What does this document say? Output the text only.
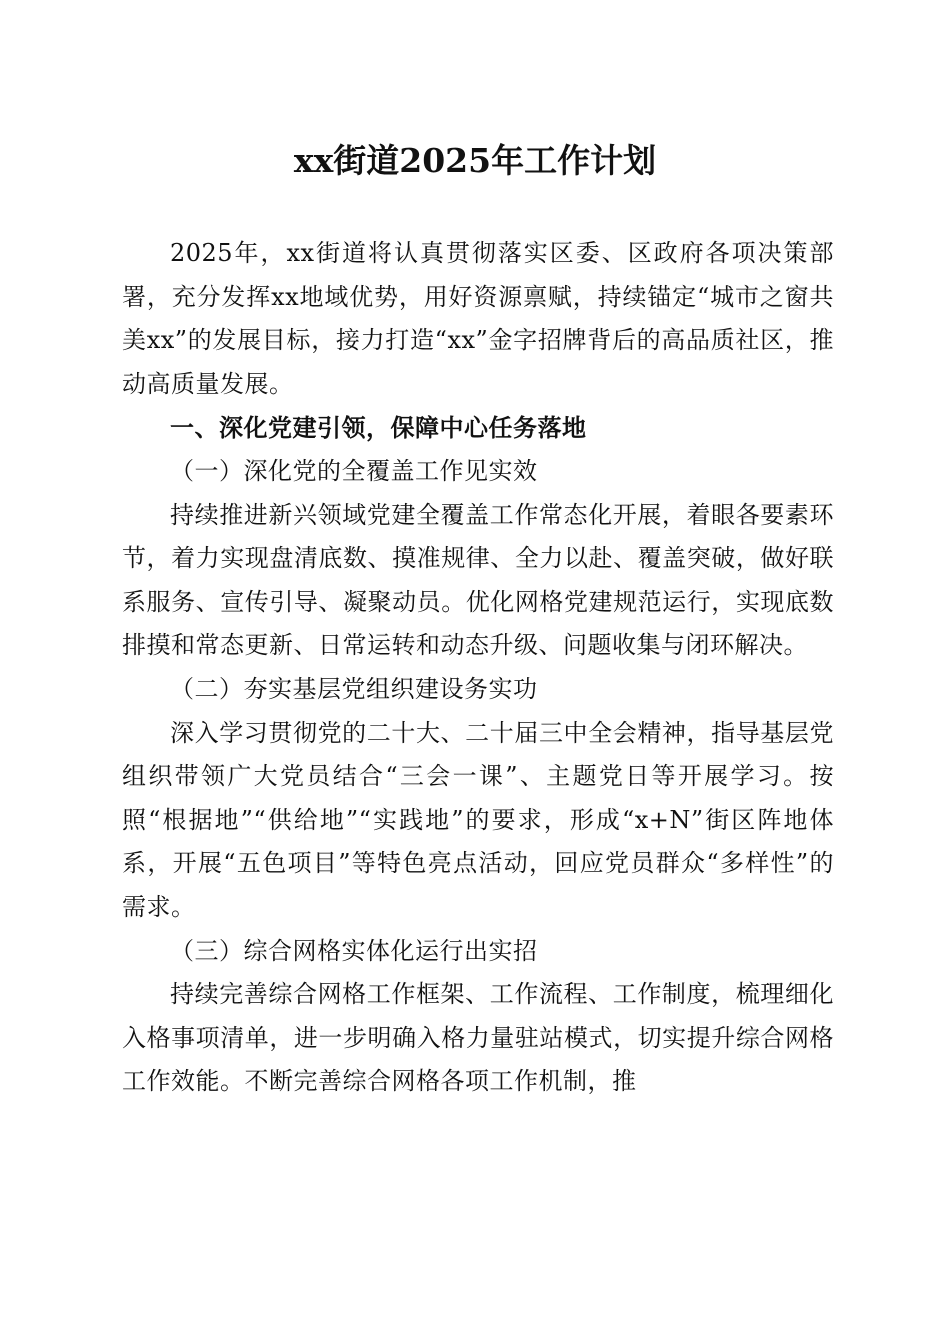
xx街道2025年工作计划

2025年，xx街道将认真贯彻落实区委、区政府各项决策部署，充分发挥xx地域优势，用好资源禀赋，持续锚定“城市之窗共美xx”的发展目标，接力打造“xx”金字招牌背后的高品质社区，推动高质量发展。

一、深化党建引领，保障中心任务落地

（一）深化党的全覆盖工作见实效

持续推进新兴领域党建全覆盖工作常态化开展，着眼各要素环节，着力实现盘清底数、摸准规律、全力以赴、覆盖突破，做好联系服务、宣传引导、凝聚动员。优化网格党建规范运行，实现底数排摸和常态更新、日常运转和动态升级、问题收集与闭环解决。

（二）夯实基层党组织建设务实功

深入学习贯彻党的二十大、二十届三中全会精神，指导基层党组织带领广大党员结合“三会一课”、主题党日等开展学习。按照“根据地”“供给地”“实践地”的要求，形成“x+N”街区阵地体系，开展“五色项目”等特色亮点活动，回应党员群众“多样性”的需求。

（三）综合网格实体化运行出实招

持续完善综合网格工作框架、工作流程、工作制度，梳理细化入格事项清单，进一步明确入格力量驻站模式，切实提升综合网格工作效能。不断完善综合网格各项工作机制，推
